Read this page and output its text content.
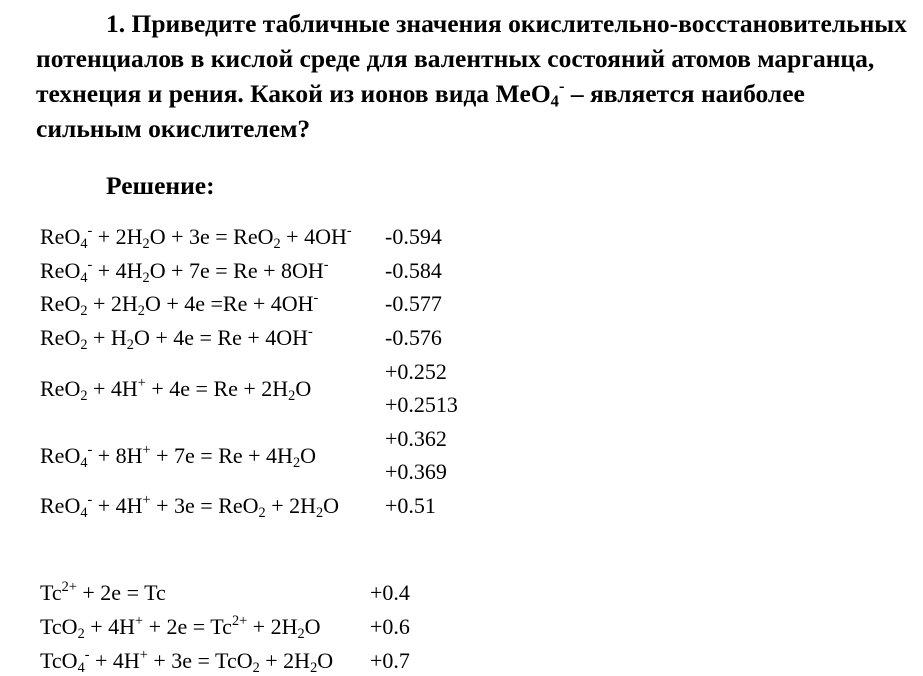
1. Приведите табличные значения окислительно-восстановительных потенциалов в кислой среде для валентных состояний атомов марганца, технеция и рения. Какой из ионов вида MeO$_4$- – является наиболее сильным окислителем?

Решение:

$ReO_4^- + 2H_2O + 3e = ReO_2 + 4OH^-$ -0.594
$ReO_4^- + 4H_2O + 7e = Re + 8OH^-$	-0.584
$ReO_2 + 2H_2O + 4e =Re + 4OH^-$	-0.577
$ReO_2 + H_2O + 4e = Re + 4OH^-$	-0.576
$ReO_2 + 4H^+ + 4e = Re + 2H_2O$
+0.252
+0.2513
$ReO_4^- + 8H^+ + 7e = Re + 4H_2O$
+0.362
+0.369
$ReO_4^- + 4H^+ + 3e = ReO_2 + 2H_2O +0.51$
$Tc^{2+} + 2e = Tc$	+0.4
$TcO_2 + 4H^+ + 2e = Tc^{2+} + 2H_2O +0.6$
$TcO_4^- + 4H^+ + 3e = TcO_2 + 2H_2O +0.7$
